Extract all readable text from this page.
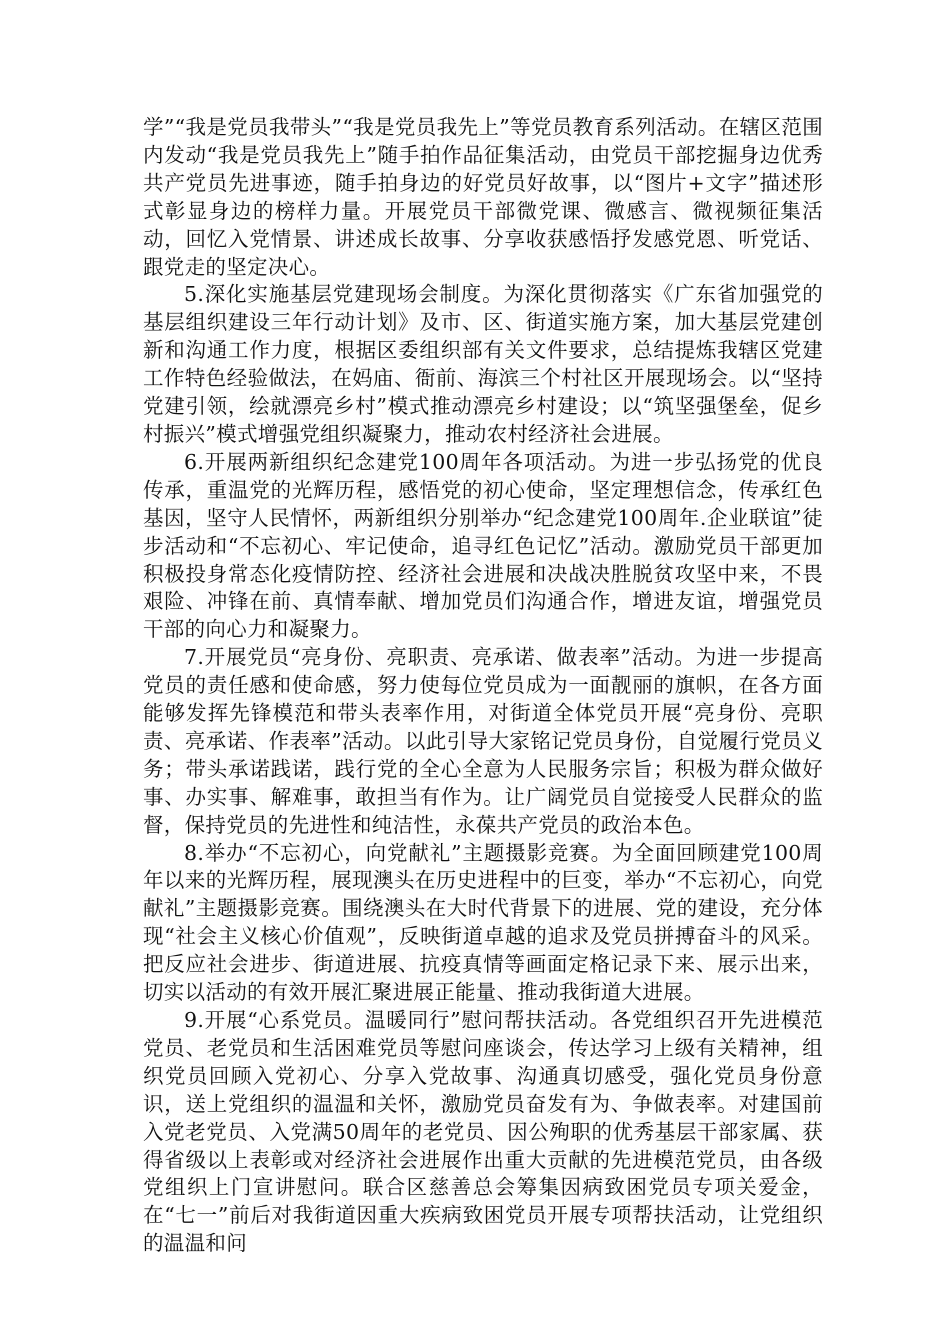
学”“我是党员我带头”“我是党员我先上”等党员教育系列活动。在辖区范围内发动“我是党员我先上”随手拍作品征集活动，由党员干部挖掘身边优秀共产党员先进事迹，随手拍身边的好党员好故事，以“图片+文字”描述形式彰显身边的榜样力量。开展党员干部微党课、微感言、微视频征集活动，回忆入党情景、讲述成长故事、分享收获感悟抒发感党恩、听党话、跟党走的坚定决心。

5.深化实施基层党建现场会制度。为深化贯彻落实《广东省加强党的基层组织建设三年行动计划》及市、区、街道实施方案，加大基层党建创新和沟通工作力度，根据区委组织部有关文件要求，总结提炼我辖区党建工作特色经验做法，在妈庙、衙前、海滨三个村社区开展现场会。以“坚持党建引领，绘就漂亮乡村”模式推动漂亮乡村建设；以“筑坚强堡垒，促乡村振兴”模式增强党组织凝聚力，推动农村经济社会进展。

6.开展两新组织纪念建党100周年各项活动。为进一步弘扬党的优良传承，重温党的光辉历程，感悟党的初心使命，坚定理想信念，传承红色基因，坚守人民情怀，两新组织分别举办“纪念建党100周年.企业联谊”徒步活动和“不忘初心、牢记使命，追寻红色记忆”活动。激励党员干部更加积极投身常态化疫情防控、经济社会进展和决战决胜脱贫攻坚中来，不畏艰险、冲锋在前、真情奉献、增加党员们沟通合作，增进友谊，增强党员干部的向心力和凝聚力。

7.开展党员“亮身份、亮职责、亮承诺、做表率”活动。为进一步提高党员的责任感和使命感，努力使每位党员成为一面靓丽的旗帜，在各方面能够发挥先锋模范和带头表率作用，对街道全体党员开展“亮身份、亮职责、亮承诺、作表率”活动。以此引导大家铭记党员身份，自觉履行党员义务；带头承诺践诺，践行党的全心全意为人民服务宗旨；积极为群众做好事、办实事、解难事，敢担当有作为。让广阔党员自觉接受人民群众的监督，保持党员的先进性和纯洁性，永葆共产党员的政治本色。

8.举办“不忘初心，向党献礼”主题摄影竞赛。为全面回顾建党100周年以来的光辉历程，展现澳头在历史进程中的巨变，举办“不忘初心，向党献礼”主题摄影竞赛。围绕澳头在大时代背景下的进展、党的建设，充分体现“社会主义核心价值观”，反映街道卓越的追求及党员拼搏奋斗的风采。把反应社会进步、街道进展、抗疫真情等画面定格记录下来、展示出来，切实以活动的有效开展汇聚进展正能量、推动我街道大进展。

9.开展“心系党员。温暖同行”慰问帮扶活动。各党组织召开先进模范党员、老党员和生活困难党员等慰问座谈会，传达学习上级有关精神，组织党员回顾入党初心、分享入党故事、沟通真切感受，强化党员身份意识，送上党组织的温温和关怀，激励党员奋发有为、争做表率。对建国前入党老党员、入党满50周年的老党员、因公殉职的优秀基层干部家属、获得省级以上表彰或对经济社会进展作出重大贡献的先进模范党员，由各级党组织上门宣讲慰问。联合区慈善总会筹集因病致困党员专项关爱金，在“七一”前后对我街道因重大疾病致困党员开展专项帮扶活动，让党组织的温温和问
